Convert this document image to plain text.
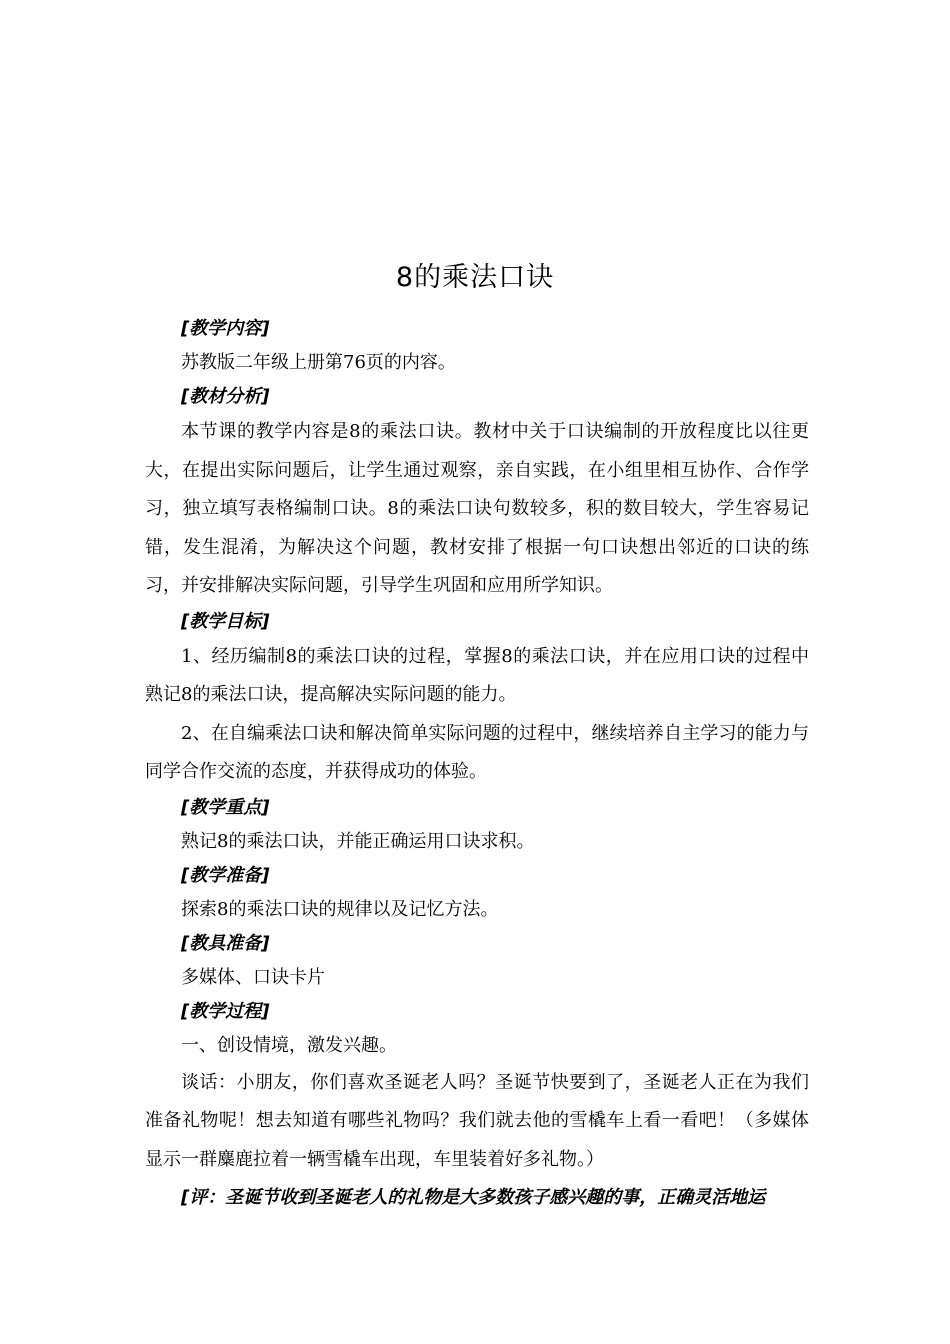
8的乘法口诀

[教学内容]

苏教版二年级上册第76页的内容。

[教材分析]

本节课的教学内容是8的乘法口诀。教材中关于口诀编制的开放程度比以往更大，在提出实际问题后，让学生通过观察，亲自实践，在小组里相互协作、合作学习，独立填写表格编制口诀。8的乘法口诀句数较多，积的数目较大，学生容易记错，发生混淆，为解决这个问题，教材安排了根据一句口诀想出邻近的口诀的练习，并安排解决实际问题，引导学生巩固和应用所学知识。

[教学目标]

1、经历编制8的乘法口诀的过程，掌握8的乘法口诀，并在应用口诀的过程中熟记8的乘法口诀，提高解决实际问题的能力。

2、在自编乘法口诀和解决简单实际问题的过程中，继续培养自主学习的能力与同学合作交流的态度，并获得成功的体验。

[教学重点]

熟记8的乘法口诀，并能正确运用口诀求积。

[教学准备]

探索8的乘法口诀的规律以及记忆方法。

[教具准备]

多媒体、口诀卡片

[教学过程]

一、创设情境，激发兴趣。

谈话：小朋友，你们喜欢圣诞老人吗？圣诞节快要到了，圣诞老人正在为我们准备礼物呢！想去知道有哪些礼物吗？我们就去他的雪橇车上看一看吧！（多媒体显示一群麋鹿拉着一辆雪橇车出现，车里装着好多礼物。）

[评：圣诞节收到圣诞老人的礼物是大多数孩子感兴趣的事，正确灵活地运
